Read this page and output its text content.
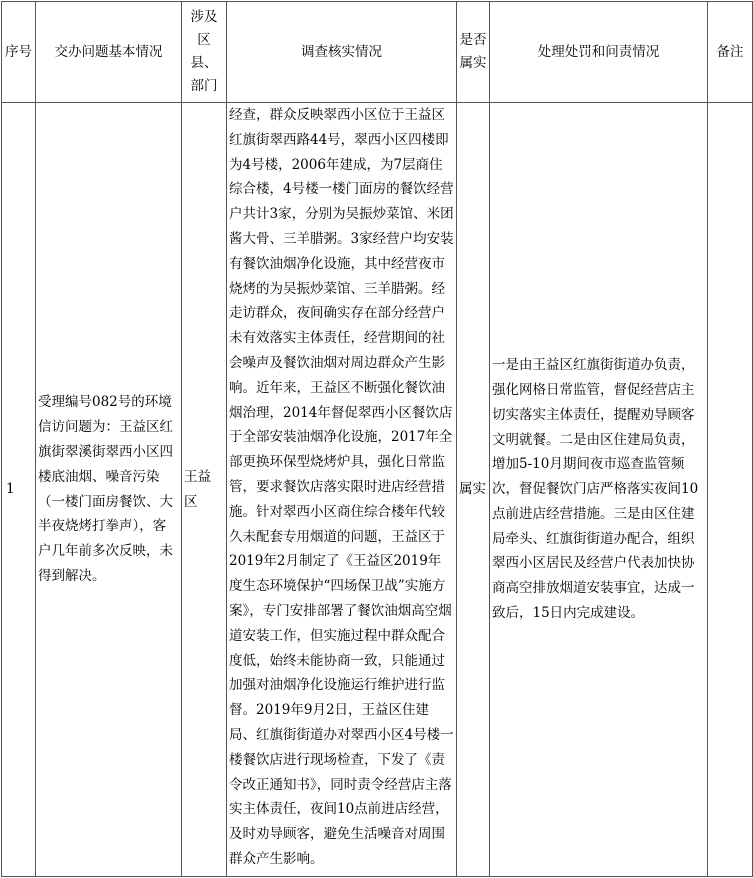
序号	交办问题基本情况	涉及区县、部门	调查核实情况	是否属实	处理处罚和问责情况	备注
1	受理编号082号的环境信访问题为：王益区红旗街翠溪街翠西小区四楼底油烟、噪音污染（一楼门面房餐饮、大半夜烧烤打拳声），客户几年前多次反映，未得到解决。	王益区	经查，群众反映翠西小区位于王益区红旗街翠西路44号，翠西小区四楼即为4号楼，2006年建成，为7层商住综合楼，4号楼一楼门面房的餐饮经营户共计3家，分别为吴振炒菜馆、米团酱大骨、三羊腊粥。3家经营户均安装有餐饮油烟净化设施，其中经营夜市烧烤的为吴振炒菜馆、三羊腊粥。经走访群众，夜间确实存在部分经营户未有效落实主体责任，经营期间的社会噪声及餐饮油烟对周边群众产生影响。近年来，王益区不断强化餐饮油烟治理，2014年督促翠西小区餐饮店于全部安装油烟净化设施，2017年全部更换环保型烧烤炉具，强化日常监管，要求餐饮店落实限时进店经营措施。针对翠西小区商住综合楼年代较久未配套专用烟道的问题，王益区于2019年2月制定了《王益区2019年度生态环境保护“四场保卫战”实施方案》，专门安排部署了餐饮油烟高空烟道安装工作，但实施过程中群众配合度低，始终未能协商一致，只能通过加强对油烟净化设施运行维护进行监督。2019年9月2日，王益区住建局、红旗街街道办对翠西小区4号楼一楼餐饮店进行现场检查，下发了《责令改正通知书》，同时责令经营店主落实主体责任，夜间10点前进店经营，及时劝导顾客，避免生活噪音对周围群众产生影响。	属实	一是由王益区红旗街街道办负责，强化网格日常监管，督促经营店主切实落实主体责任，提醒劝导顾客文明就餐。二是由区住建局负责，增加5-10月期间夜市巡查监管频次，督促餐饮门店严格落实夜间10点前进店经营措施。三是由区住建局牵头、红旗街街道办配合，组织翠西小区居民及经营户代表加快协商高空排放烟道安装事宜，达成一致后，15日内完成建设。	
